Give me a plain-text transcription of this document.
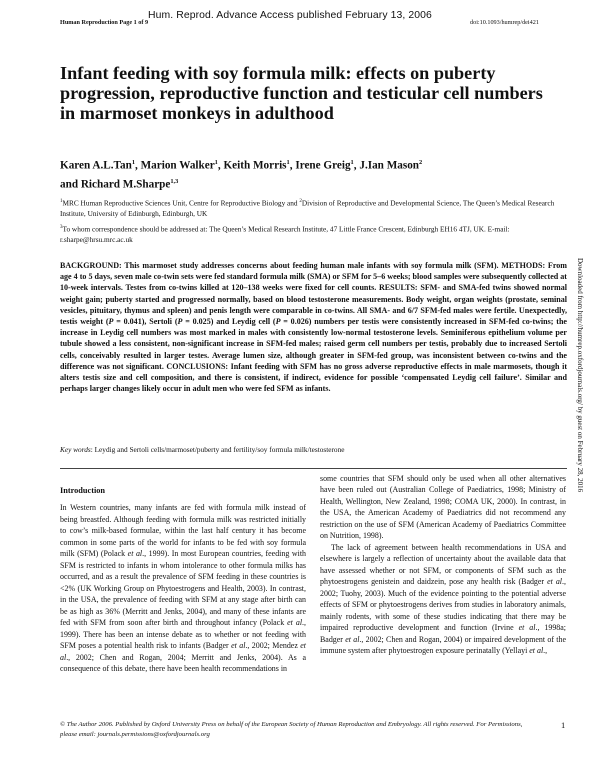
Human Reproduction Page 1 of 9
Hum. Reprod. Advance Access published February 13, 2006
doi:10.1093/humrep/dei421
Infant feeding with soy formula milk: effects on puberty progression, reproductive function and testicular cell numbers in marmoset monkeys in adulthood
Karen A.L.Tan$^1$, Marion Walker$^1$, Keith Morris$^1$, Irene Greig$^1$, J.Ian Mason$^2$
and Richard M.Sharpe$^{1,3}$
$^1$MRC Human Reproductive Sciences Unit, Centre for Reproductive Biology and $^2$Division of Reproductive and Developmental Science, The Queen’s Medical Research Institute, University of Edinburgh, Edinburgh, UK
$^3$To whom correspondence should be addressed at: The Queen’s Medical Research Institute, 47 Little France Crescent, Edinburgh EH16 4TJ, UK. E-mail: r.sharpe@hrsu.mrc.ac.uk

BACKGROUND: This marmoset study addresses concerns about feeding human male infants with soy formula milk (SFM). METHODS: From age 4 to 5 days, seven male co-twin sets were fed standard formula milk (SMA) or SFM for 5–6 weeks; blood samples were subsequently collected at 10-week intervals. Testes from co-twins killed at 120–138 weeks were fixed for cell counts. RESULTS: SFM- and SMA-fed twins showed normal weight gain; puberty started and progressed normally, based on blood testosterone measurements. Body weight, organ weights (prostate, seminal vesicles, pituitary, thymus and spleen) and penis length were comparable in co-twins. All SMA- and 6/7 SFM-fed males were fertile. Unexpectedly, testis weight (P = 0.041), Sertoli (P = 0.025) and Leydig cell (P = 0.026) numbers per testis were consistently increased in SFM-fed co-twins; the increase in Leydig cell numbers was most marked in males with consistently low-normal testosterone levels. Seminiferous epithelium volume per tubule showed a less consistent, non-significant increase in SFM-fed males; raised germ cell numbers per testis, probably due to increased Sertoli cells, conceivably resulted in larger testes. Average lumen size, although greater in SFM-fed group, was inconsistent between co-twins and the difference was not significant. CONCLUSIONS: Infant feeding with SFM has no gross adverse reproductive effects in male marmosets, though it alters testis size and cell composition, and there is consistent, if indirect, evidence for possible ‘compensated Leydig cell failure’. Similar and perhaps larger changes likely occur in adult men who were fed SFM as infants.

Key words: Leydig and Sertoli cells/marmoset/puberty and fertility/soy formula milk/testosterone

Introduction

In Western countries, many infants are fed with formula milk instead of being breastfed. Although feeding with formula milk was restricted initially to cow’s milk-based formulae, within the last half century it has become common in some parts of the world for infants to be fed with soy formula milk (SFM) (Polack et al., 1999). In most European countries, feeding with SFM is restricted to infants in whom intolerance to other formula milks has occurred, and as a result the prevalence of SFM feeding in these countries is <2% (UK Working Group on Phytoestrogens and Health, 2003). In contrast, in the USA, the prevalence of feeding with SFM at any stage after birth can be as high as 36% (Merritt and Jenks, 2004), and many of these infants are fed with SFM from soon after birth and throughout infancy (Polack et al., 1999). There has been an intense debate as to whether or not feeding with SFM poses a potential health risk to infants (Badger et al., 2002; Mendez et al., 2002; Chen and Rogan, 2004; Merritt and Jenks, 2004). As a consequence of this debate, there have been health recommendations in

some countries that SFM should only be used when all other alternatives have been ruled out (Australian College of Paediatrics, 1998; Ministry of Health, Wellington, New Zealand, 1998; COMA UK, 2000). In contrast, in the USA, the American Academy of Paediatrics did not recommend any restriction on the use of SFM (American Academy of Paediatrics Committee on Nutrition, 1998).

The lack of agreement between health recommendations in USA and elsewhere is largely a reflection of uncertainty about the available data that have assessed whether or not SFM, or components of SFM such as the phytoestrogens genistein and daidzein, pose any health risk (Badger et al., 2002; Tuohy, 2003). Much of the evidence pointing to the potential adverse effects of SFM or phytoestrogens derives from studies in laboratory animals, mainly rodents, with some of these studies indicating that there may be impaired reproductive development and function (Irvine et al., 1998a; Badger et al., 2002; Chen and Rogan, 2004) or impaired development of the immune system after phytoestrogen exposure perinatally (Yellayi et al.,

© The Author 2006. Published by Oxford University Press on behalf of the European Society of Human Reproduction and Embryology. All rights reserved. For Permissions, please email: journals.permissions@oxfordjournals.org
1
Downloaded from http://humrep.oxfordjournals.org/ by guest on February 28, 2016
